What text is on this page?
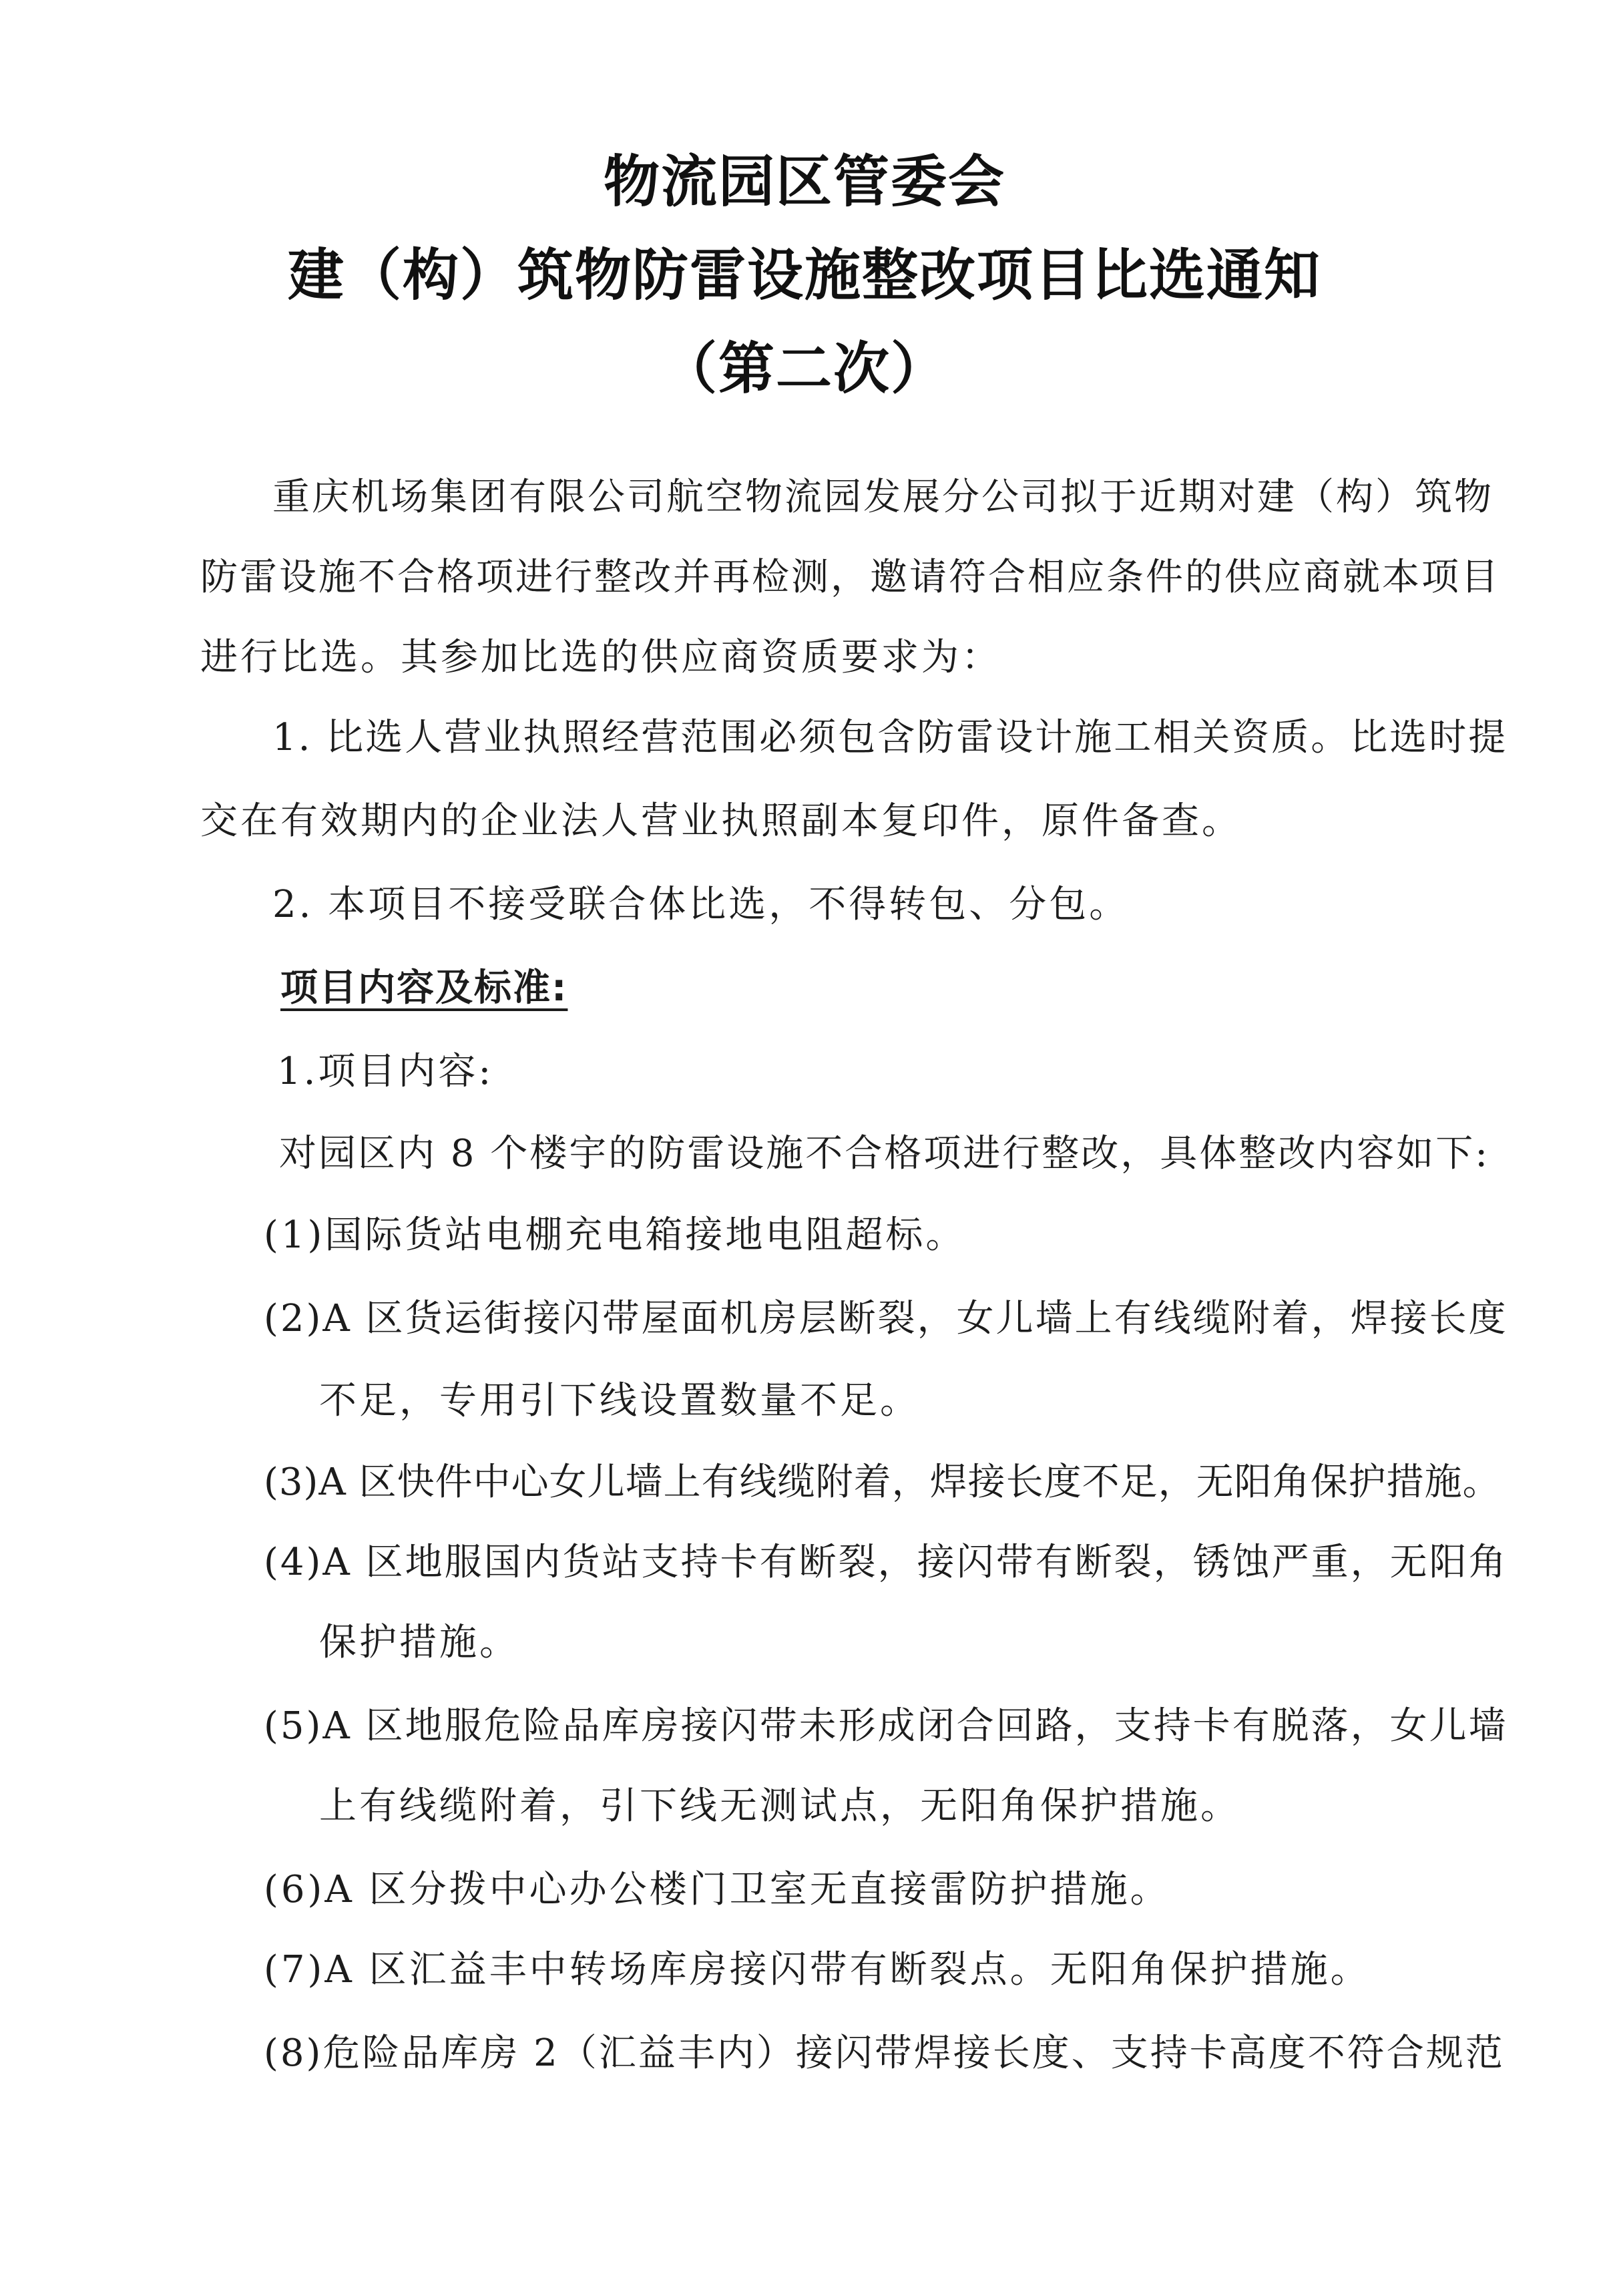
物流园区管委会
建（构）筑物防雷设施整改项目比选通知
（第二次）
重庆机场集团有限公司航空物流园发展分公司拟于近期对建（构）筑物
防雷设施不合格项进行整改并再检测，邀请符合相应条件的供应商就本项目
进行比选。其参加比选的供应商资质要求为：
1. 比选人营业执照经营范围必须包含防雷设计施工相关资质。比选时提
交在有效期内的企业法人营业执照副本复印件，原件备查。
2. 本项目不接受联合体比选，不得转包、分包。
项目内容及标准:
1.项目内容:
对园区内 8 个楼宇的防雷设施不合格项进行整改，具体整改内容如下:
(1)国际货站电棚充电箱接地电阻超标。
(2)A 区货运街接闪带屋面机房层断裂，女儿墙上有线缆附着，焊接长度
不足，专用引下线设置数量不足。
(3)A 区快件中心女儿墙上有线缆附着，焊接长度不足，无阳角保护措施。
(4)A 区地服国内货站支持卡有断裂，接闪带有断裂，锈蚀严重，无阳角
保护措施。
(5)A 区地服危险品库房接闪带未形成闭合回路，支持卡有脱落，女儿墙
上有线缆附着，引下线无测试点，无阳角保护措施。
(6)A 区分拨中心办公楼门卫室无直接雷防护措施。
(7)A 区汇益丰中转场库房接闪带有断裂点。无阳角保护措施。
(8)危险品库房 2（汇益丰内）接闪带焊接长度、支持卡高度不符合规范
